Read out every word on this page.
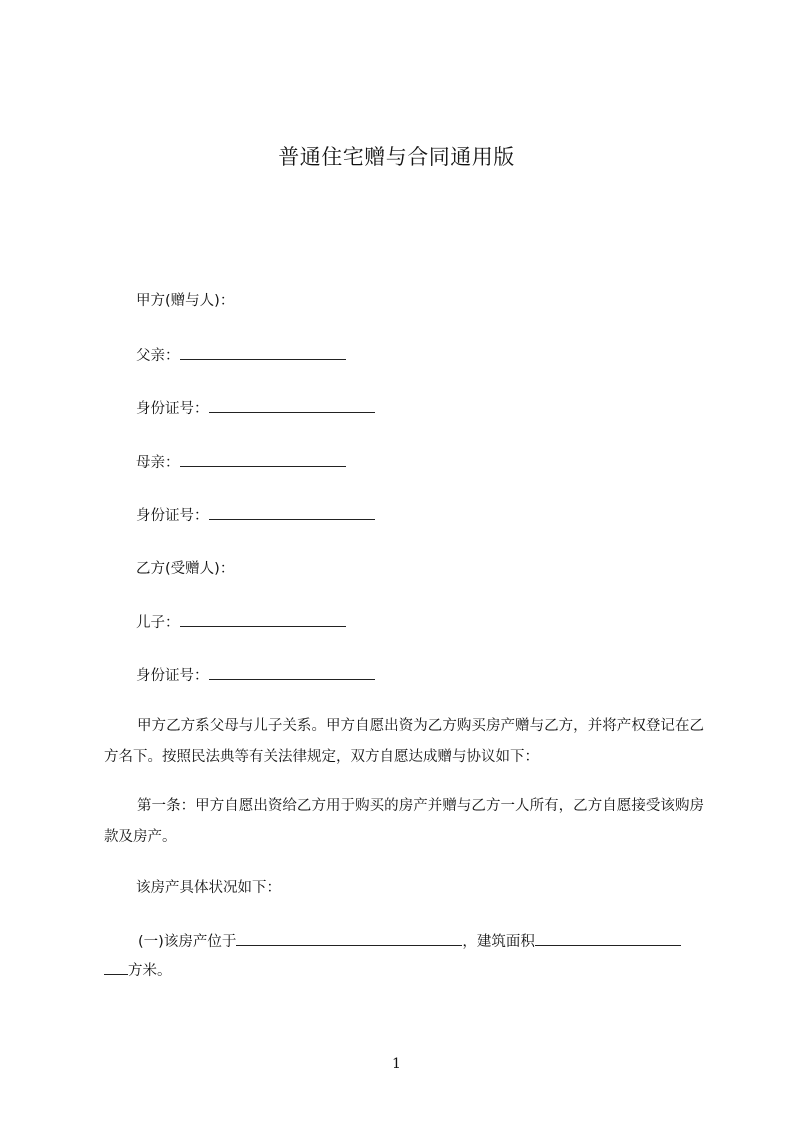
普通住宅赠与合同通用版
甲方(赠与人)：
父亲：
身份证号：
母亲：
身份证号：
乙方(受赠人)：
儿子：
身份证号：
甲方乙方系父母与儿子关系。甲方自愿出资为乙方购买房产赠与乙方，并将产权登记在乙方名下。按照民法典等有关法律规定，双方自愿达成赠与协议如下：
第一条：甲方自愿出资给乙方用于购买的房产并赠与乙方一人所有，乙方自愿接受该购房款及房产。
该房产具体状况如下：
(一)该房产位于	，建筑面积
方米。
1
